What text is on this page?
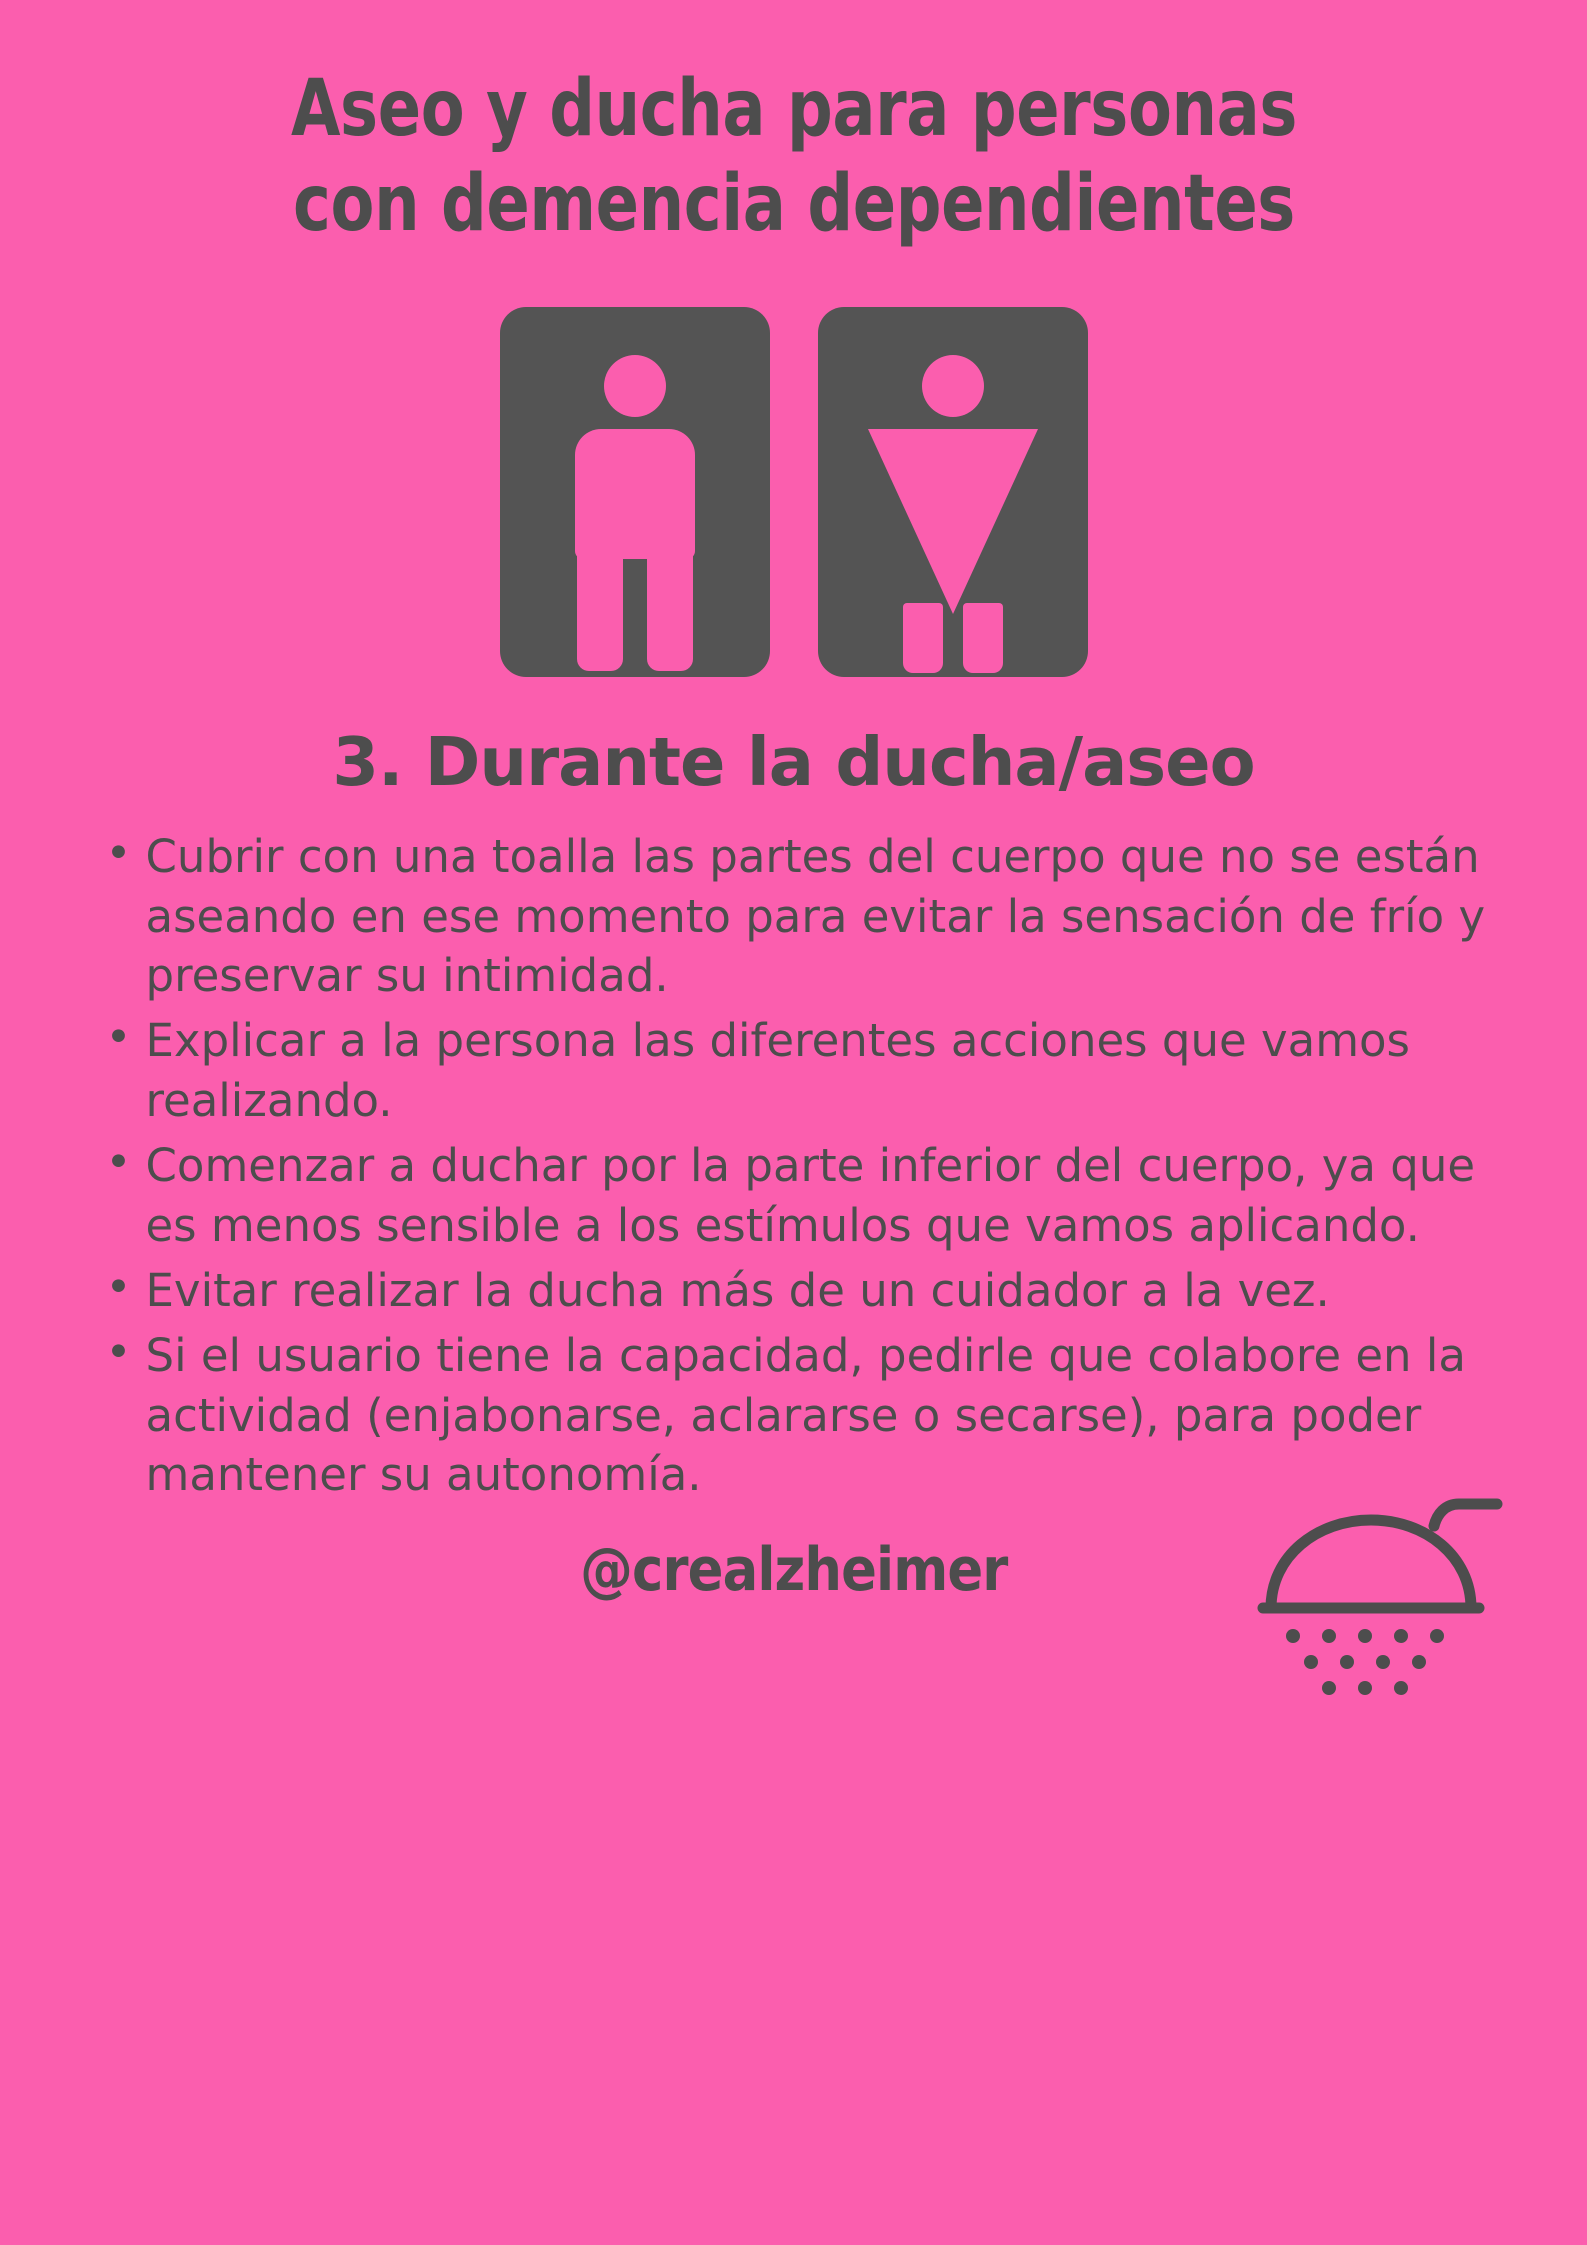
Aseo y ducha para personas
con demencia dependientes
3. Durante la ducha/aseo
• Cubrir con una toalla las partes del cuerpo que no se están aseando en ese momento para evitar la sensación de frío y preservar su intimidad.
• Explicar a la persona las diferentes acciones que vamos realizando.
• Comenzar a duchar por la parte inferior del cuerpo, ya que es menos sensible a los estímulos que vamos aplicando.
• Evitar realizar la ducha más de un cuidador a la vez.
• Si el usuario tiene la capacidad, pedirle que colabore en la actividad (enjabonarse, aclararse o secarse), para poder mantener su autonomía.
@crealzheimer
